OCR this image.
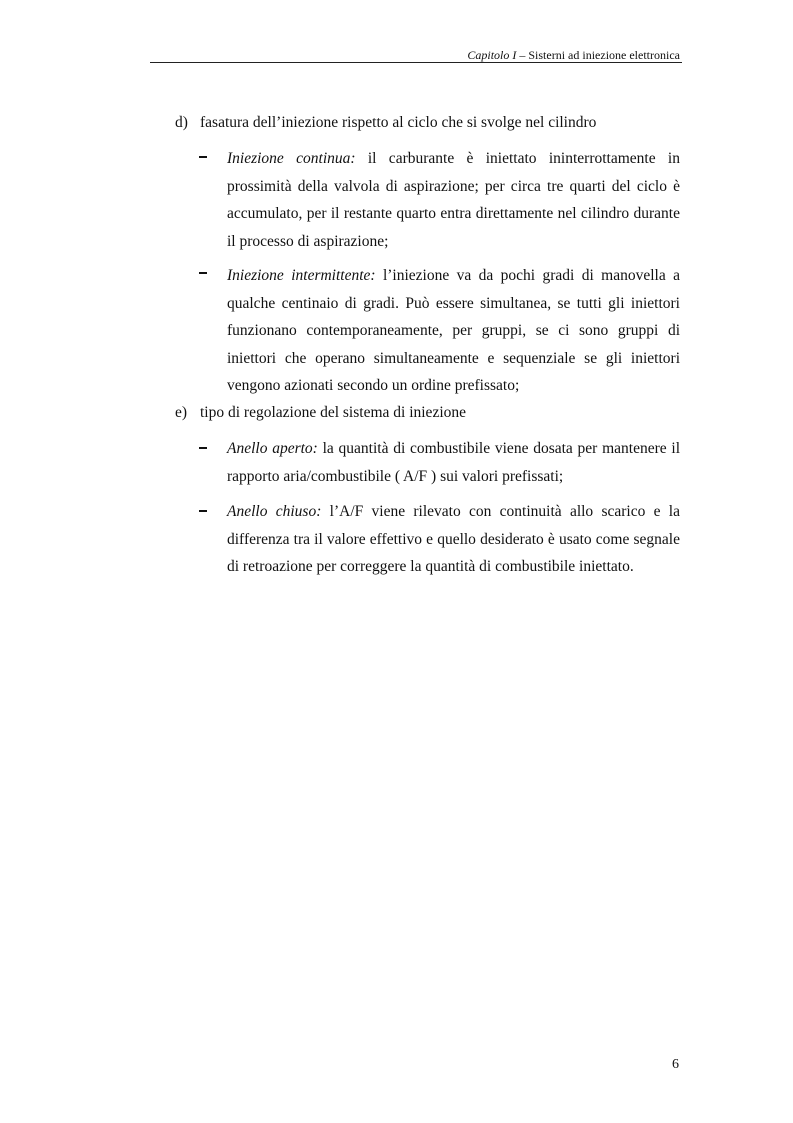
Capitolo I – Sisterni ad iniezione elettronica
d) fasatura dell’iniezione rispetto al ciclo che si svolge nel cilindro
Iniezione continua: il carburante è iniettato ininterrottamente in prossimità della valvola di aspirazione; per circa tre quarti del ciclo è accumulato, per il restante quarto entra direttamente nel cilindro durante il processo di aspirazione;
Iniezione intermittente: l’iniezione va da pochi gradi di manovella a qualche centinaio di gradi. Può essere simultanea, se tutti gli iniettori funzionano contemporaneamente, per gruppi, se ci sono gruppi di iniettori che operano simultaneamente e sequenziale se gli iniettori vengono azionati secondo un ordine prefissato;
e) tipo di regolazione del sistema di iniezione
Anello aperto: la quantità di combustibile viene dosata per mantenere il rapporto aria/combustibile ( A/F ) sui valori prefissati;
Anello chiuso: l’A/F viene rilevato con continuità allo scarico e la differenza tra il valore effettivo e quello desiderato è usato come segnale di retroazione per correggere la quantità di combustibile iniettato.
6
